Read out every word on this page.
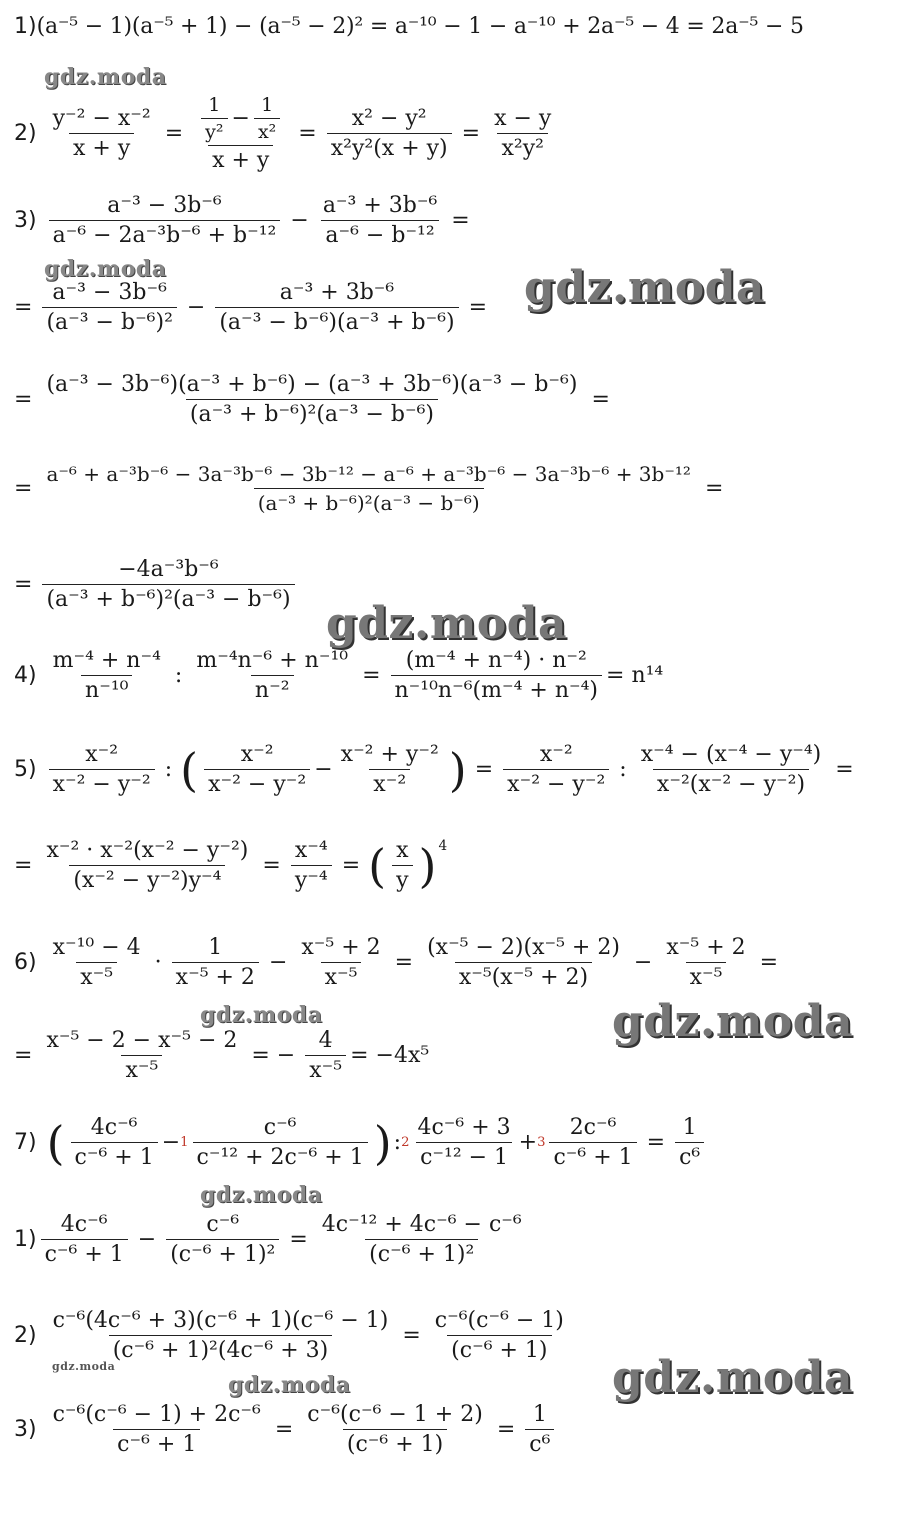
1) (a⁻⁵ − 1)(a⁻⁵ + 1) − (a⁻⁵ − 2)² = a⁻¹⁰ − 1 − a⁻¹⁰ + 2a⁻⁵ − 4 = 2a⁻⁵ − 5
$2) \frac{\text{y⁻² − x⁻²}}{x + y} = \frac{\frac{1}{\text{y²}} - \frac{1}{\text{x²}}}{x + y} = \frac{\text{x² − y²}}{\text{x²y²(x + y)}} = \frac{x - y}{\text{x²y²}}$
$3) \frac{\text{a⁻³ − 3b⁻⁶}}{\text{a⁻⁶ − 2a⁻³b⁻⁶ + b⁻¹²}} - \frac{\text{a⁻³ + 3b⁻⁶}}{\text{a⁻⁶ − b⁻¹²}}$ =
= $\frac{\text{a⁻³ − 3b⁻⁶}}{\text{(a⁻³ − b⁻⁶)²}} - \frac{\text{a⁻³ + 3b⁻⁶}}{\text{(a⁻³ − b⁻⁶)(a⁻³ + b⁻⁶)}}$ =
= $\frac{\text{(a⁻³ − 3b⁻⁶)(a⁻³ + b⁻⁶) − (a⁻³ + 3b⁻⁶)(a⁻³ − b⁻⁶)}}{\text{(a⁻³ + b⁻⁶)²(a⁻³ − b⁻⁶)}}$ =
=
a⁻⁶ + a⁻³b⁻⁶ − 3a⁻³b⁻⁶ − 3b⁻¹² − a⁻⁶ + a⁻³b⁻⁶ − 3a⁻³b⁻⁶ + 3b⁻¹²
(a⁻³ + b⁻⁶)²(a⁻³ − b⁻⁶)
=
= $\frac{\text{−4a⁻³b⁻⁶}}{\text{(a⁻³ + b⁻⁶)²(a⁻³ − b⁻⁶)}}$
$4) \frac{\text{m⁻⁴ + n⁻⁴}}{\text{n⁻¹⁰}}$ : $\frac{\text{m⁻⁴n⁻⁶ + n⁻¹⁰}}{\text{n⁻²}} = \frac{\text{(m⁻⁴ + n⁻⁴) · n⁻²}}{\text{n⁻¹⁰n⁻⁶(m⁻⁴ + n⁻⁴)}} = n^{14}$
$5) \frac{\text{x⁻²}}{\text{x⁻² − y⁻²}}$ : ( $\frac{\text{x⁻²}}{\text{x⁻² − y⁻²}} - \frac{\text{x⁻² + y⁻²}}{\text{x⁻²}}$ ) = $\frac{\text{x⁻²}}{\text{x⁻² − y⁻²}}$ : $\frac{\text{x⁻⁴ − (x⁻⁴ − y⁻⁴)}}{\text{x⁻²(x⁻² − y⁻²)}}$ =
= $\frac{\text{x⁻² · x⁻²(x⁻² − y⁻²)}}{\text{(x⁻² − y⁻²)y⁻⁴}} = \frac{\text{x⁻⁴}}{\text{y⁻⁴}}$ = ( $\frac{x}{y} )^4$
$6) \frac{\text{x⁻¹⁰ − 4}}{\text{x⁻⁵}} \cdot \frac{1}{\text{x⁻⁵ + 2}} - \frac{\text{x⁻⁵ + 2}}{\text{x⁻⁵}} = \frac{\text{(x⁻⁵ − 2)(x⁻⁵ + 2)}}{\text{x⁻⁵(x⁻⁵ + 2)}} - \frac{\text{x⁻⁵ + 2}}{\text{x⁻⁵}}$ =
= $\frac{\text{x⁻⁵ − 2 − x⁻⁵ − 2}}{\text{x⁻⁵}}$ = − $\frac{4}{\text{x⁻⁵}} = -4x^5$
7) ( $\frac{\text{4c⁻⁶}}{\text{c⁻⁶ + 1}} - 1 \frac{\text{c⁻⁶}}{\text{c⁻¹² + 2c⁻⁶ + 1}}$ ) : $2 \frac{\text{4c⁻⁶ + 3}}{\text{c⁻¹² − 1}} + 3 \frac{\text{2c⁻⁶}}{\text{c⁻⁶ + 1}} = \frac{1}{\text{c⁶}}$
$1) \frac{\text{4c⁻⁶}}{\text{c⁻⁶ + 1}} - \frac{\text{c⁻⁶}}{\text{(c⁻⁶ + 1)²}} = \frac{\text{4c⁻¹² + 4c⁻⁶ − c⁻⁶}}{\text{(c⁻⁶ + 1)²}}$
$2) \frac{\text{c⁻⁶(4c⁻⁶ + 3)(c⁻⁶ + 1)(c⁻⁶ − 1)}}{\text{(c⁻⁶ + 1)²(4c⁻⁶ + 3)}} = \frac{\text{c⁻⁶(c⁻⁶ − 1)}}{\text{(c⁻⁶ + 1)}}$
$3) \frac{\text{c⁻⁶(c⁻⁶ − 1) + 2c⁻⁶}}{\text{c⁻⁶ + 1}} = \frac{\text{c⁻⁶(c⁻⁶ − 1 + 2)}}{\text{(c⁻⁶ + 1)}} = \frac{1}{\text{c⁶}}$
gdz.moda
gdz.moda	gdz.moda
gdz.moda
gdz.moda	gdz.moda
gdz.moda
gdz.moda	gdz.moda
gdz.moda
